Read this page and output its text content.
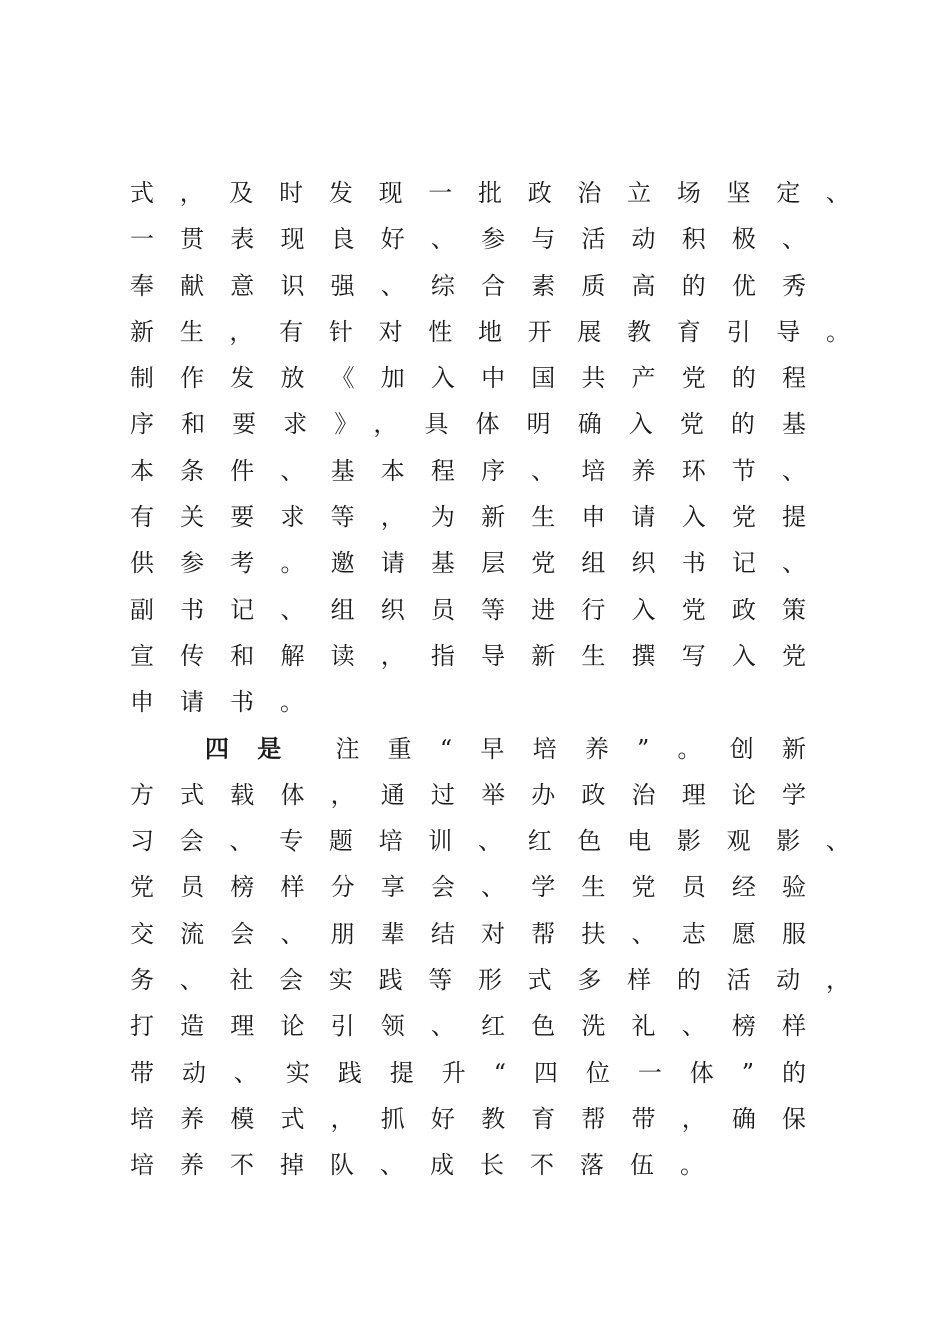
式，及时发现一批政治立场坚定、
一贯表现良好、参与活动积极、
奉献意识强、综合素质高的优秀
新生，有针对性地开展教育引导。
制作发放《加入中国共产党的程
序和要求》，具体明确入党的基
本条件、基本程序、培养环节、
有关要求等，为新生申请入党提
供参考。邀请基层党组织书记、
副书记、组织员等进行入党政策
宣传和解读，指导新生撰写入党
申请书。
四是 注重“早培养”。创新
方式载体，通过举办政治理论学
习会、专题培训、红色电影观影、
党员榜样分享会、学生党员经验
交流会、朋辈结对帮扶、志愿服
务、社会实践等形式多样的活动，
打造理论引领、红色洗礼、榜样
带动、实践提升“四位一体”的
培养模式，抓好教育帮带，确保
培养不掉队、成长不落伍。
